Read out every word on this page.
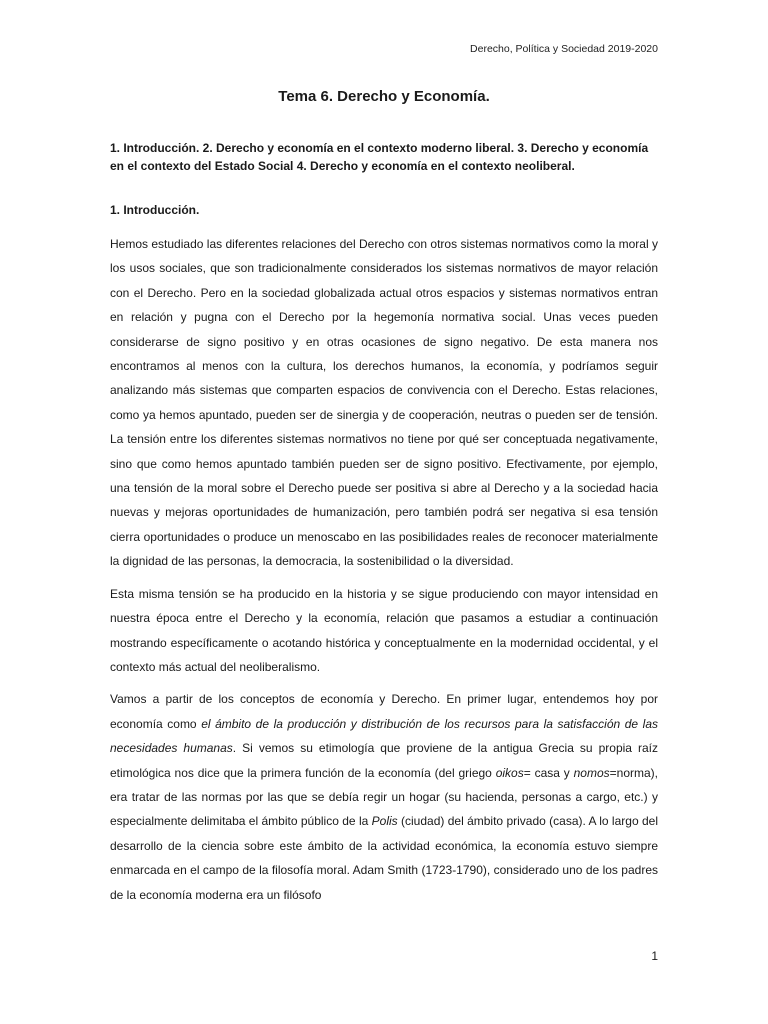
Derecho, Política y Sociedad 2019-2020
Tema 6. Derecho y Economía.
1. Introducción. 2. Derecho y economía en el contexto moderno liberal. 3. Derecho y economía en el contexto del Estado Social 4. Derecho y economía en el contexto neoliberal.
1. Introducción.

Hemos estudiado las diferentes relaciones del Derecho con otros sistemas normativos como la moral y los usos sociales, que son tradicionalmente considerados los sistemas normativos de mayor relación con el Derecho. Pero en la sociedad globalizada actual otros espacios y sistemas normativos entran en relación y pugna con el Derecho por la hegemonía normativa social. Unas veces pueden considerarse de signo positivo y en otras ocasiones de signo negativo. De esta manera nos encontramos al menos con la cultura, los derechos humanos, la economía, y podríamos seguir analizando más sistemas que comparten espacios de convivencia con el Derecho. Estas relaciones, como ya hemos apuntado, pueden ser de sinergia y de cooperación, neutras o pueden ser de tensión. La tensión entre los diferentes sistemas normativos no tiene por qué ser conceptuada negativamente, sino que como hemos apuntado también pueden ser de signo positivo. Efectivamente, por ejemplo, una tensión de la moral sobre el Derecho puede ser positiva si abre al Derecho y a la sociedad hacia nuevas y mejoras oportunidades de humanización, pero también podrá ser negativa si esa tensión cierra oportunidades o produce un menoscabo en las posibilidades reales de reconocer materialmente la dignidad de las personas, la democracia, la sostenibilidad o la diversidad.

Esta misma tensión se ha producido en la historia y se sigue produciendo con mayor intensidad en nuestra época entre el Derecho y la economía, relación que pasamos a estudiar a continuación mostrando específicamente o acotando histórica y conceptualmente en la modernidad occidental, y el contexto más actual del neoliberalismo.

Vamos a partir de los conceptos de economía y Derecho. En primer lugar, entendemos hoy por economía como el ámbito de la producción y distribución de los recursos para la satisfacción de las necesidades humanas. Si vemos su etimología que proviene de la antigua Grecia su propia raíz etimológica nos dice que la primera función de la economía (del griego oikos= casa y nomos=norma), era tratar de las normas por las que se debía regir un hogar (su hacienda, personas a cargo, etc.) y especialmente delimitaba el ámbito público de la Polis (ciudad) del ámbito privado (casa). A lo largo del desarrollo de la ciencia sobre este ámbito de la actividad económica, la economía estuvo siempre enmarcada en el campo de la filosofía moral. Adam Smith (1723-1790), considerado uno de los padres de la economía moderna era un filósofo

1
